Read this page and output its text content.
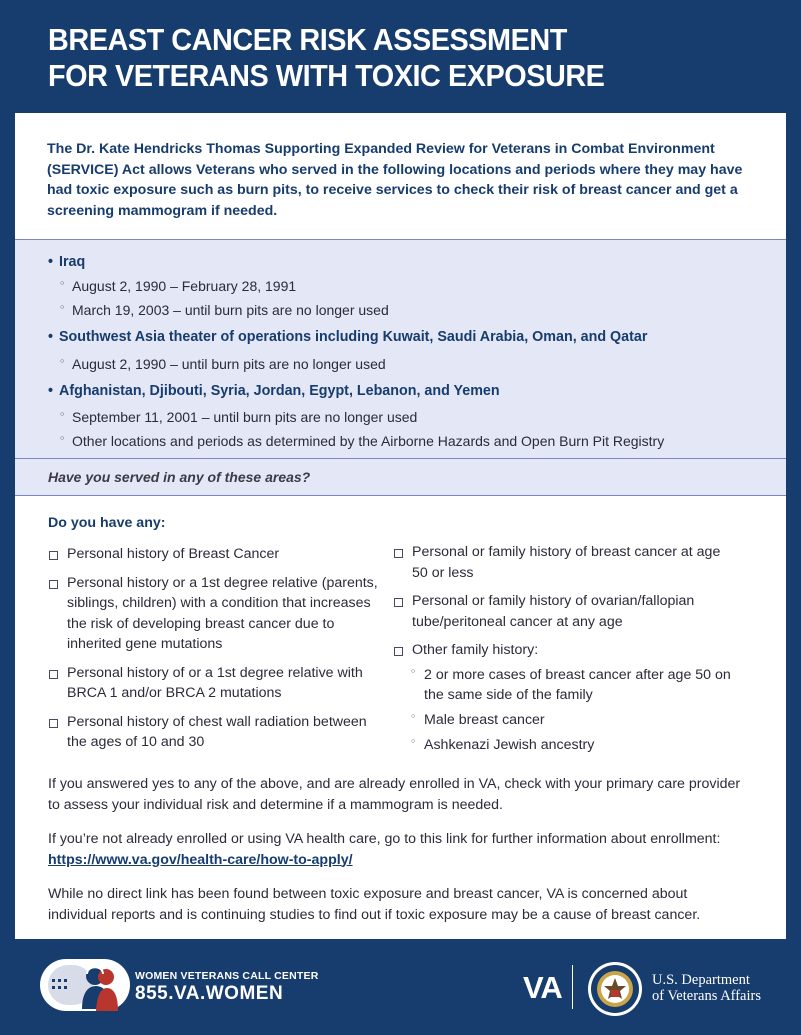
BREAST CANCER RISK ASSESSMENT
FOR VETERANS WITH TOXIC EXPOSURE
The Dr. Kate Hendricks Thomas Supporting Expanded Review for Veterans in Combat Environment (SERVICE) Act allows Veterans who served in the following locations and periods where they may have had toxic exposure such as burn pits, to receive services to check their risk of breast cancer and get a screening mammogram if needed.
• Iraq
○ August 2, 1990 – February 28, 1991
○ March 19, 2003 – until burn pits are no longer used
• Southwest Asia theater of operations including Kuwait, Saudi Arabia, Oman, and Qatar
○ August 2, 1990 – until burn pits are no longer used
• Afghanistan, Djibouti, Syria, Jordan, Egypt, Lebanon, and Yemen
○ September 11, 2001 – until burn pits are no longer used
○ Other locations and periods as determined by the Airborne Hazards and Open Burn Pit Registry
Have you served in any of these areas?
Do you have any:
Personal history of Breast Cancer
Personal history or a 1st degree relative (parents, siblings, children) with a condition that increases the risk of developing breast cancer due to inherited gene mutations
Personal history of or a 1st degree relative with BRCA 1 and/or BRCA 2 mutations
Personal history of chest wall radiation between the ages of 10 and 30
Personal or family history of breast cancer at age 50 or less
Personal or family history of ovarian/fallopian tube/peritoneal cancer at any age
Other family history:
○ 2 or more cases of breast cancer after age 50 on the same side of the family
○ Male breast cancer
○ Ashkenazi Jewish ancestry
If you answered yes to any of the above, and are already enrolled in VA, check with your primary care provider to assess your individual risk and determine if a mammogram is needed.
If you’re not already enrolled or using VA health care, go to this link for further information about enrollment: https://www.va.gov/health-care/how-to-apply/
While no direct link has been found between toxic exposure and breast cancer, VA is concerned about individual reports and is continuing studies to find out if toxic exposure may be a cause of breast cancer.
WOMEN VETERANS CALL CENTER
855.VA.WOMEN	VA	U.S. Department
of Veterans Affairs
